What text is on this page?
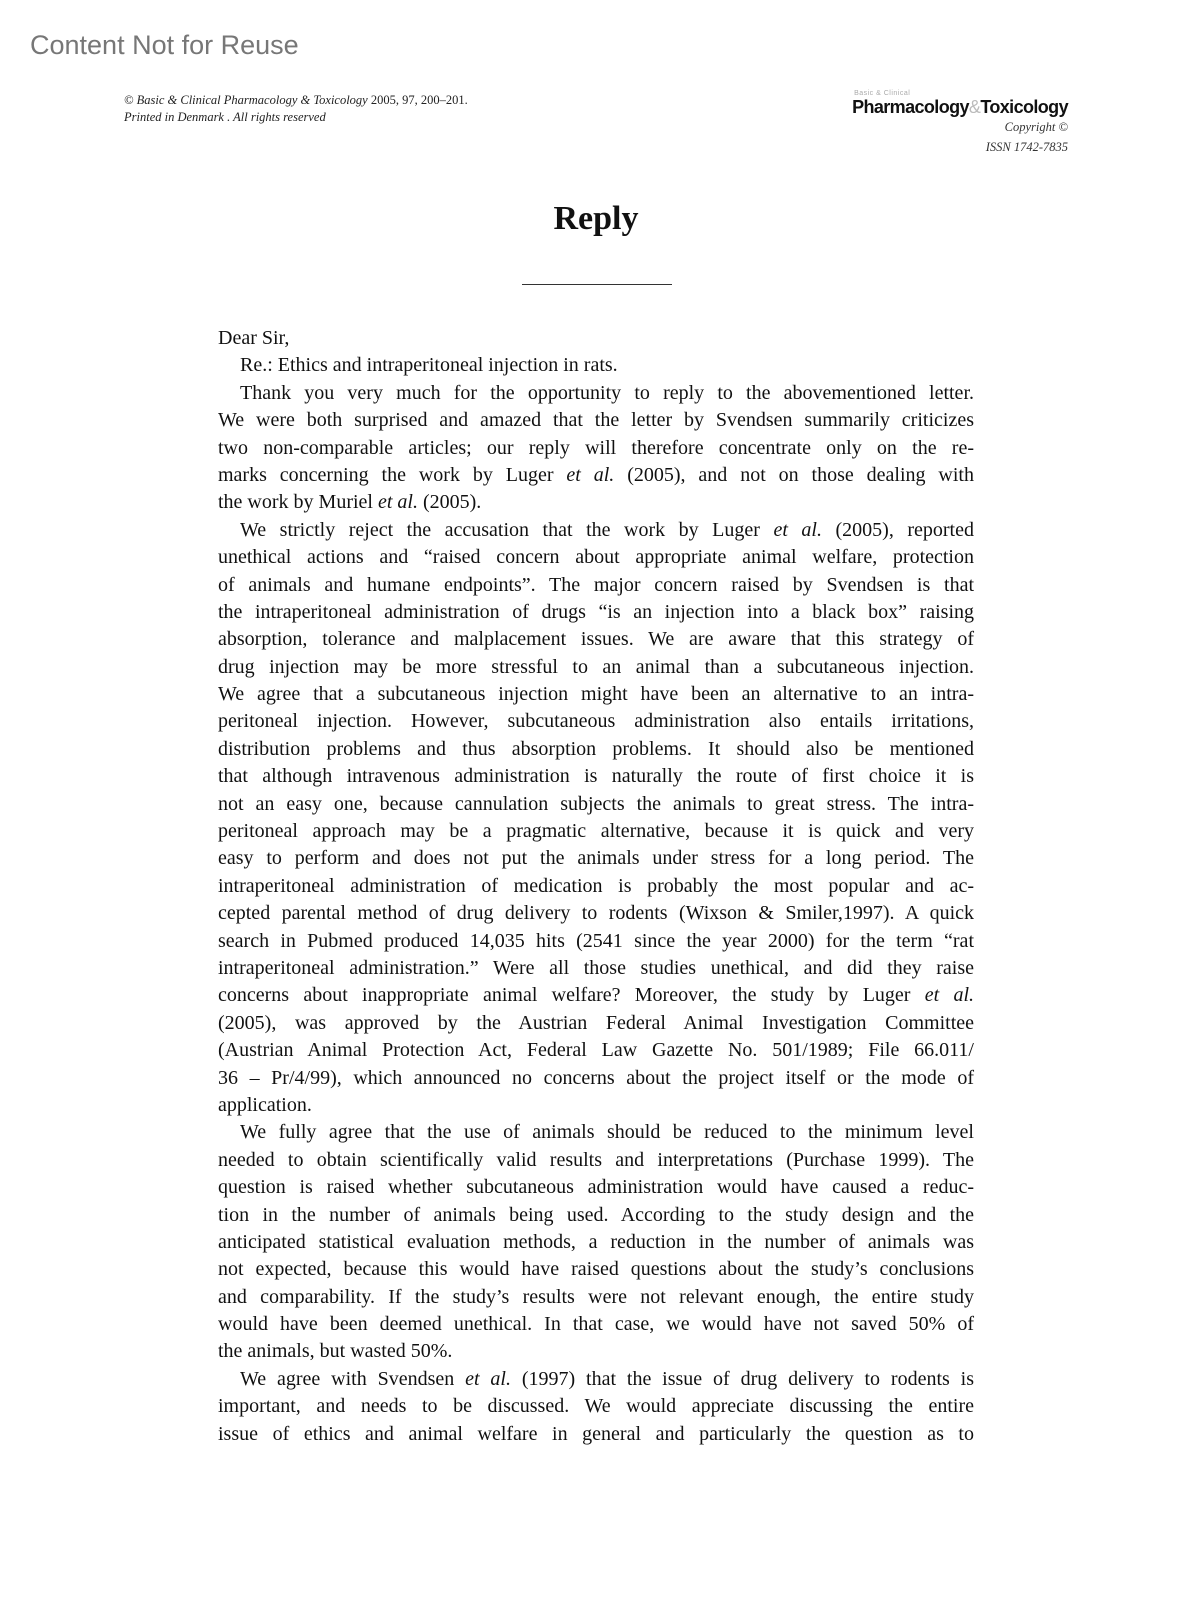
Content Not for Reuse
© Basic & Clinical Pharmacology & Toxicology 2005, 97, 200–201.
Printed in Denmark . All rights reserved
Basic & Clinical
Pharmacology&Toxicology
Copyright ©
ISSN 1742-7835
Reply
Dear Sir,
Re.: Ethics and intraperitoneal injection in rats.
Thank you very much for the opportunity to reply to the abovementioned letter.
We were both surprised and amazed that the letter by Svendsen summarily criticizes
two non-comparable articles; our reply will therefore concentrate only on the re-
marks concerning the work by Luger et al. (2005), and not on those dealing with
the work by Muriel et al. (2005).
We strictly reject the accusation that the work by Luger et al. (2005), reported
unethical actions and “raised concern about appropriate animal welfare, protection
of animals and humane endpoints”. The major concern raised by Svendsen is that
the intraperitoneal administration of drugs “is an injection into a black box” raising
absorption, tolerance and malplacement issues. We are aware that this strategy of
drug injection may be more stressful to an animal than a subcutaneous injection.
We agree that a subcutaneous injection might have been an alternative to an intra-
peritoneal injection. However, subcutaneous administration also entails irritations,
distribution problems and thus absorption problems. It should also be mentioned
that although intravenous administration is naturally the route of first choice it is
not an easy one, because cannulation subjects the animals to great stress. The intra-
peritoneal approach may be a pragmatic alternative, because it is quick and very
easy to perform and does not put the animals under stress for a long period. The
intraperitoneal administration of medication is probably the most popular and ac-
cepted parental method of drug delivery to rodents (Wixson & Smiler,1997). A quick
search in Pubmed produced 14,035 hits (2541 since the year 2000) for the term “rat
intraperitoneal administration.” Were all those studies unethical, and did they raise
concerns about inappropriate animal welfare? Moreover, the study by Luger et al.
(2005), was approved by the Austrian Federal Animal Investigation Committee
(Austrian Animal Protection Act, Federal Law Gazette No. 501/1989; File 66.011/
36 – Pr/4/99), which announced no concerns about the project itself or the mode of
application.
We fully agree that the use of animals should be reduced to the minimum level
needed to obtain scientifically valid results and interpretations (Purchase 1999). The
question is raised whether subcutaneous administration would have caused a reduc-
tion in the number of animals being used. According to the study design and the
anticipated statistical evaluation methods, a reduction in the number of animals was
not expected, because this would have raised questions about the study’s conclusions
and comparability. If the study’s results were not relevant enough, the entire study
would have been deemed unethical. In that case, we would have not saved 50% of
the animals, but wasted 50%.
We agree with Svendsen et al. (1997) that the issue of drug delivery to rodents is
important, and needs to be discussed. We would appreciate discussing the entire
issue of ethics and animal welfare in general and particularly the question as to
